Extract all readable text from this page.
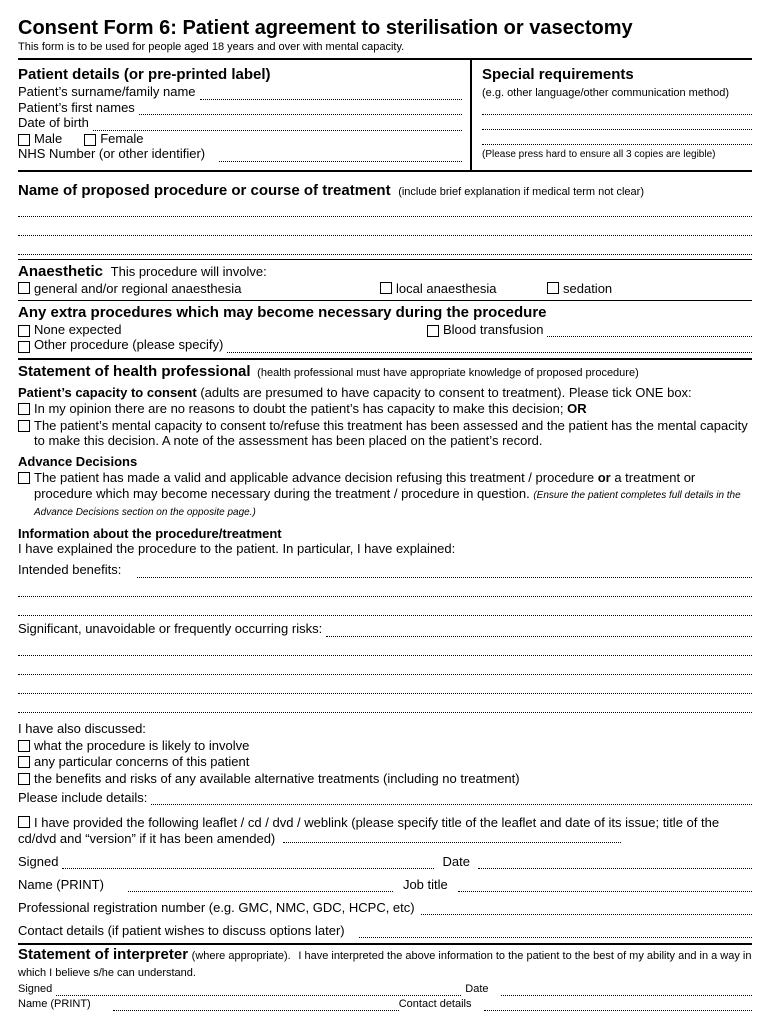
Consent Form 6: Patient agreement to sterilisation or vasectomy
This form is to be used for people aged 18 years and over with mental capacity.
Patient details (or pre-printed label)
Patient’s surname/family name
Patient’s first names
Date of birth
Male	Female
NHS Number (or other identifier)
Special requirements
(e.g. other language/other communication method)
(Please press hard to ensure all 3 copies are legible)
Name of proposed procedure or course of treatment (include brief explanation if medical term not clear)
Anaesthetic This procedure will involve:
general and/or regional anaesthesia	local anaesthesia	sedation
Any extra procedures which may become necessary during the procedure
None expected	Blood transfusion
Other procedure (please specify)
Statement of health professional (health professional must have appropriate knowledge of proposed procedure)
Patient’s capacity to consent (adults are presumed to have capacity to consent to treatment). Please tick ONE box:
In my opinion there are no reasons to doubt the patient’s has capacity to make this decision; OR
The patient’s mental capacity to consent to/refuse this treatment has been assessed and the patient has the mental capacity to make this decision. A note of the assessment has been placed on the patient’s record.
Advance Decisions
The patient has made a valid and applicable advance decision refusing this treatment / procedure or a treatment or procedure which may become necessary during the treatment / procedure in question. (Ensure the patient completes full details in the Advance Decisions section on the opposite page.)
Information about the procedure/treatment
I have explained the procedure to the patient. In particular, I have explained:
Intended benefits:
Significant, unavoidable or frequently occurring risks:
I have also discussed:
what the procedure is likely to involve
any particular concerns of this patient
the benefits and risks of any available alternative treatments (including no treatment)
Please include details:
I have provided the following leaflet / cd / dvd / weblink (please specify title of the leaflet and date of its issue; title of the cd/dvd and “version” if it has been amended)
Signed	Date
Name (PRINT)	Job title
Professional registration number (e.g. GMC, NMC, GDC, HCPC, etc)
Contact details (if patient wishes to discuss options later)
Statement of interpreter (where appropriate). I have interpreted the above information to the patient to the best of my ability and in a way in which I believe s/he can understand.
Signed	Date
Name (PRINT)	Contact details
